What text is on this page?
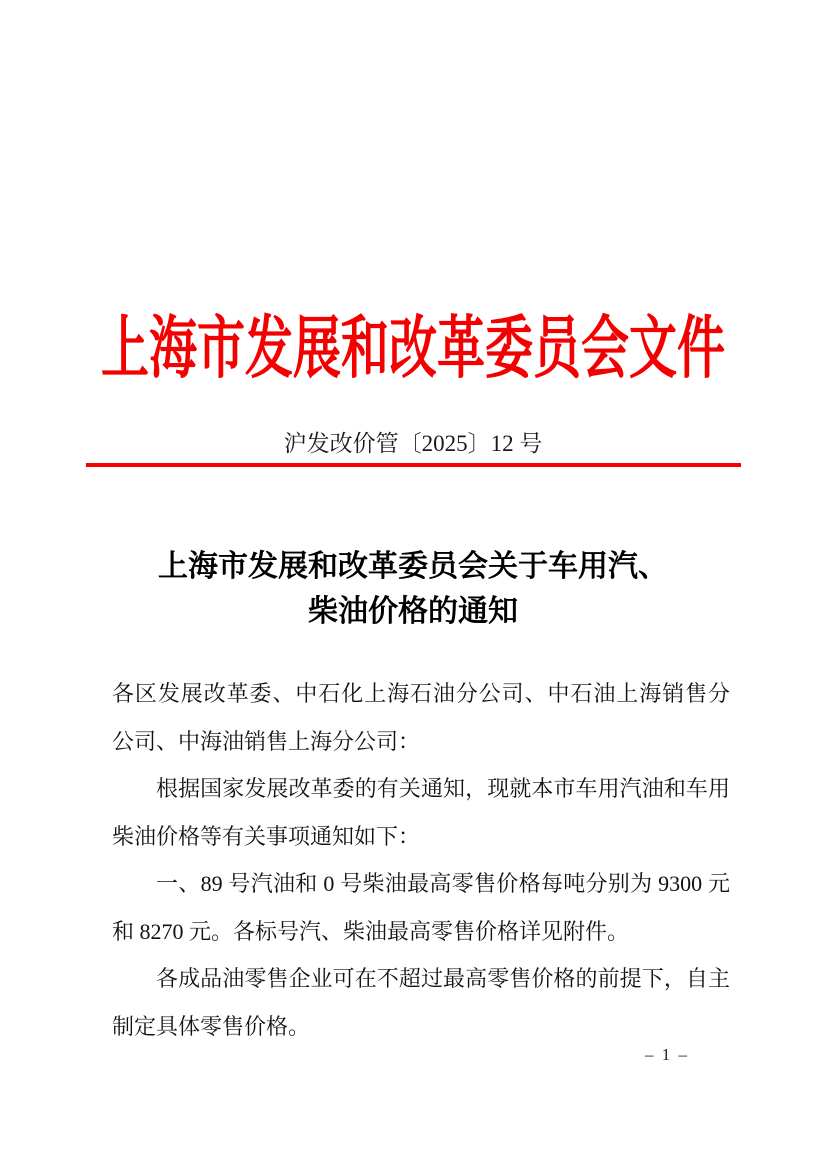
上海市发展和改革委员会文件
沪发改价管〔2025〕12 号
上海市发展和改革委员会关于车用汽、
柴油价格的通知
各区发展改革委、中石化上海石油分公司、中石油上海销售分
公司、中海油销售上海分公司：
根据国家发展改革委的有关通知，现就本市车用汽油和车用
柴油价格等有关事项通知如下：
一、89 号汽油和 0 号柴油最高零售价格每吨分别为 9300 元
和 8270 元。各标号汽、柴油最高零售价格详见附件。
各成品油零售企业可在不超过最高零售价格的前提下，自主
制定具体零售价格。
– 1 –
